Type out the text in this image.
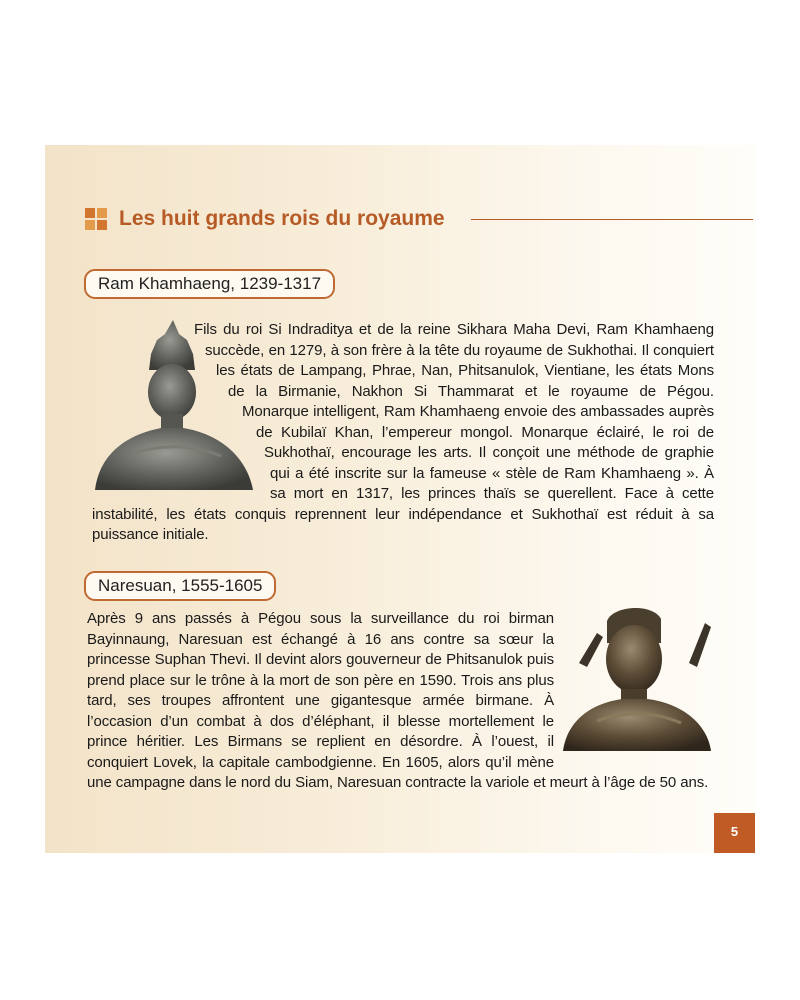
Les huit grands rois du royaume
Ram Khamhaeng, 1239-1317

Fils du roi Si Indraditya et de la reine Sikhara Maha Devi, Ram Khamhaeng succède, en 1279, à son frère à la tête du royaume de Sukhothai. Il conquiert les états de Lampang, Phrae, Nan, Phitsanulok, Vientiane, les états Mons de la Birmanie, Nakhon Si Thammarat et le royaume de Pégou. Monarque intelligent, Ram Khamhaeng envoie des ambassades auprès de Kubilaï Khan, l’empereur mongol. Monarque éclairé, le roi de Sukhothaï, encourage les arts. Il conçoit une méthode de graphie qui a été inscrite sur la fameuse « stèle de Ram Khamhaeng ». À sa mort en 1317, les princes thaïs se querellent. Face à cette instabilité, les états conquis reprennent leur indépendance et Sukhothaï est réduit à sa puissance initiale.

Naresuan, 1555-1605

Après 9 ans passés à Pégou sous la surveillance du roi birman Bayinnaung, Naresuan est échangé à 16 ans contre sa sœur la princesse Suphan Thevi. Il devint alors gouverneur de Phitsanulok puis prend place sur le trône à la mort de son père en 1590. Trois ans plus tard, ses troupes affrontent une gigantesque armée birmane. À l’occasion d’un combat à dos d’éléphant, il blesse mortellement le prince héritier. Les Birmans se replient en désordre. À l’ouest, il conquiert Lovek, la capitale cambodgienne. En 1605, alors qu’il mène une campagne dans le nord du Siam, Naresuan contracte la variole et meurt à l’âge de 50 ans.

5
